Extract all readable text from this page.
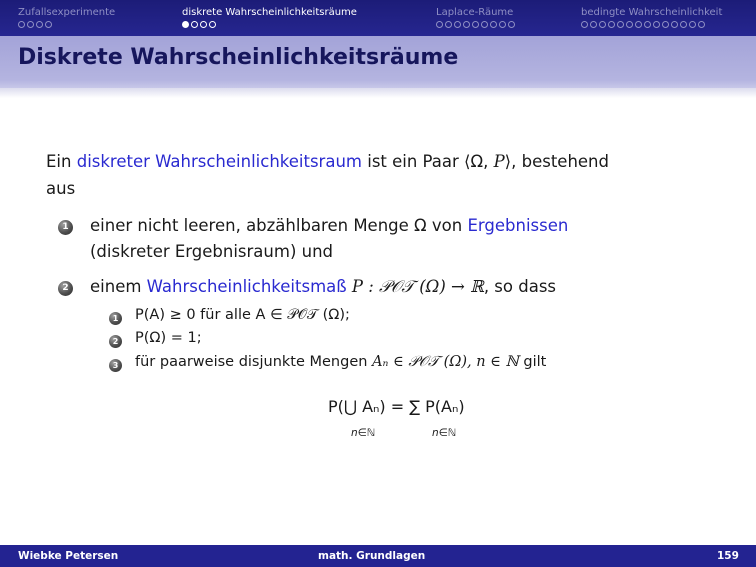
Zufallsexperimente	diskrete Wahrscheinlichkeitsräume	Laplace-Räume	bedingte Wahrscheinlichkeit
Diskrete Wahrscheinlichkeitsräume
Ein diskreter Wahrscheinlichkeitsraum ist ein Paar ⟨Ω, P⟩, bestehend
aus
1 einer nicht leeren, abzählbaren Menge Ω von Ergebnissen
(diskreter Ergebnisraum) und
2 einem Wahrscheinlichkeitsmaß P : 𝒫𝒪𝒯 (Ω) → ℝ, so dass
1 P(A) ≥ 0 für alle A ∈ 𝒫𝒪𝒯 (Ω);
2 P(Ω) = 1;
3 für paarweise disjunkte Mengen Aₙ ∈ 𝒫𝒪𝒯 (Ω), n ∈ ℕ gilt
P(⋃ Aₙ) = ∑ P(Aₙ)
n∈ℕ	n∈ℕ
Wiebke Petersen	math. Grundlagen	159
